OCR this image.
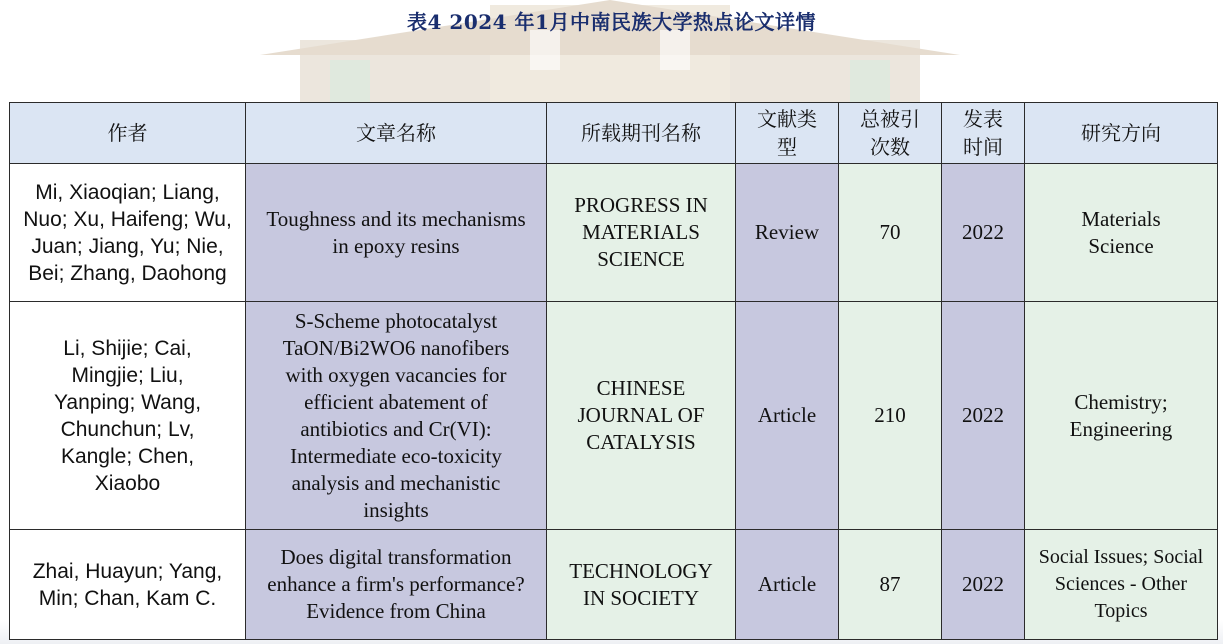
表4 2024 年1月中南民族大学热点论文详情
作者	文章名称	所载期刊名称	文献类型	总被引次数	发表时间	研究方向
Mi, Xiaoqian; Liang, Nuo; Xu, Haifeng; Wu, Juan; Jiang, Yu; Nie, Bei; Zhang, Daohong	Toughness and its mechanisms in epoxy resins	PROGRESS IN MATERIALS SCIENCE	Review	70	2022	Materials Science
Li, Shijie; Cai, Mingjie; Liu, Yanping; Wang, Chunchun; Lv, Kangle; Chen, Xiaobo	S-Scheme photocatalyst TaON/Bi2WO6 nanofibers with oxygen vacancies for efficient abatement of antibiotics and Cr(VI): Intermediate eco-toxicity analysis and mechanistic insights	CHINESE JOURNAL OF CATALYSIS	Article	210	2022	Chemistry; Engineering
Zhai, Huayun; Yang, Min; Chan, Kam C.	Does digital transformation enhance a firm's performance? Evidence from China	TECHNOLOGY IN SOCIETY	Article	87	2022	Social Issues; Social Sciences - Other Topics
